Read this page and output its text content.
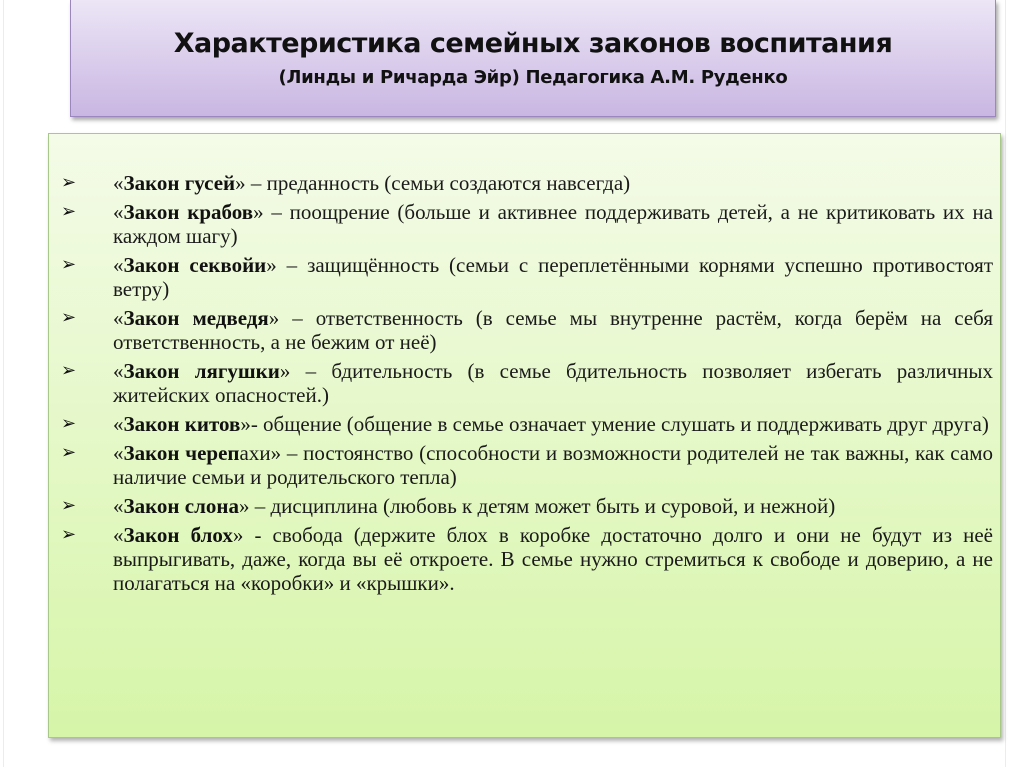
Характеристика семейных законов воспитания
(Линды и Ричарда Эйр) Педагогика А.М. Руденко
➢ «Закон гусей» – преданность (семьи создаются навсегда)
➢ «Закон крабов» – поощрение (больше и активнее поддерживать детей, а не критиковать их на каждом шагу)
➢ «Закон секвойи» – защищённость (семьи с переплетёнными корнями успешно противостоят ветру)
➢ «Закон медведя» – ответственность (в семье мы внутренне растём, когда берём на себя ответственность, а не бежим от неё)
➢ «Закон лягушки» – бдительность (в семье бдительность позволяет избегать различных житейских опасностей.)
➢ «Закон китов»- общение (общение в семье означает умение слушать и поддерживать друг друга)
➢ «Закон черепахи» – постоянство (способности и возможности родителей не так важны, как само наличие семьи и родительского тепла)
➢ «Закон слона» – дисциплина (любовь к детям может быть и суровой, и нежной)
➢ «Закон блох» - свобода (держите блох в коробке достаточно долго и они не будут из неё выпрыгивать, даже, когда вы её откроете. В семье нужно стремиться к свободе и доверию, а не полагаться на «коробки» и «крышки».
